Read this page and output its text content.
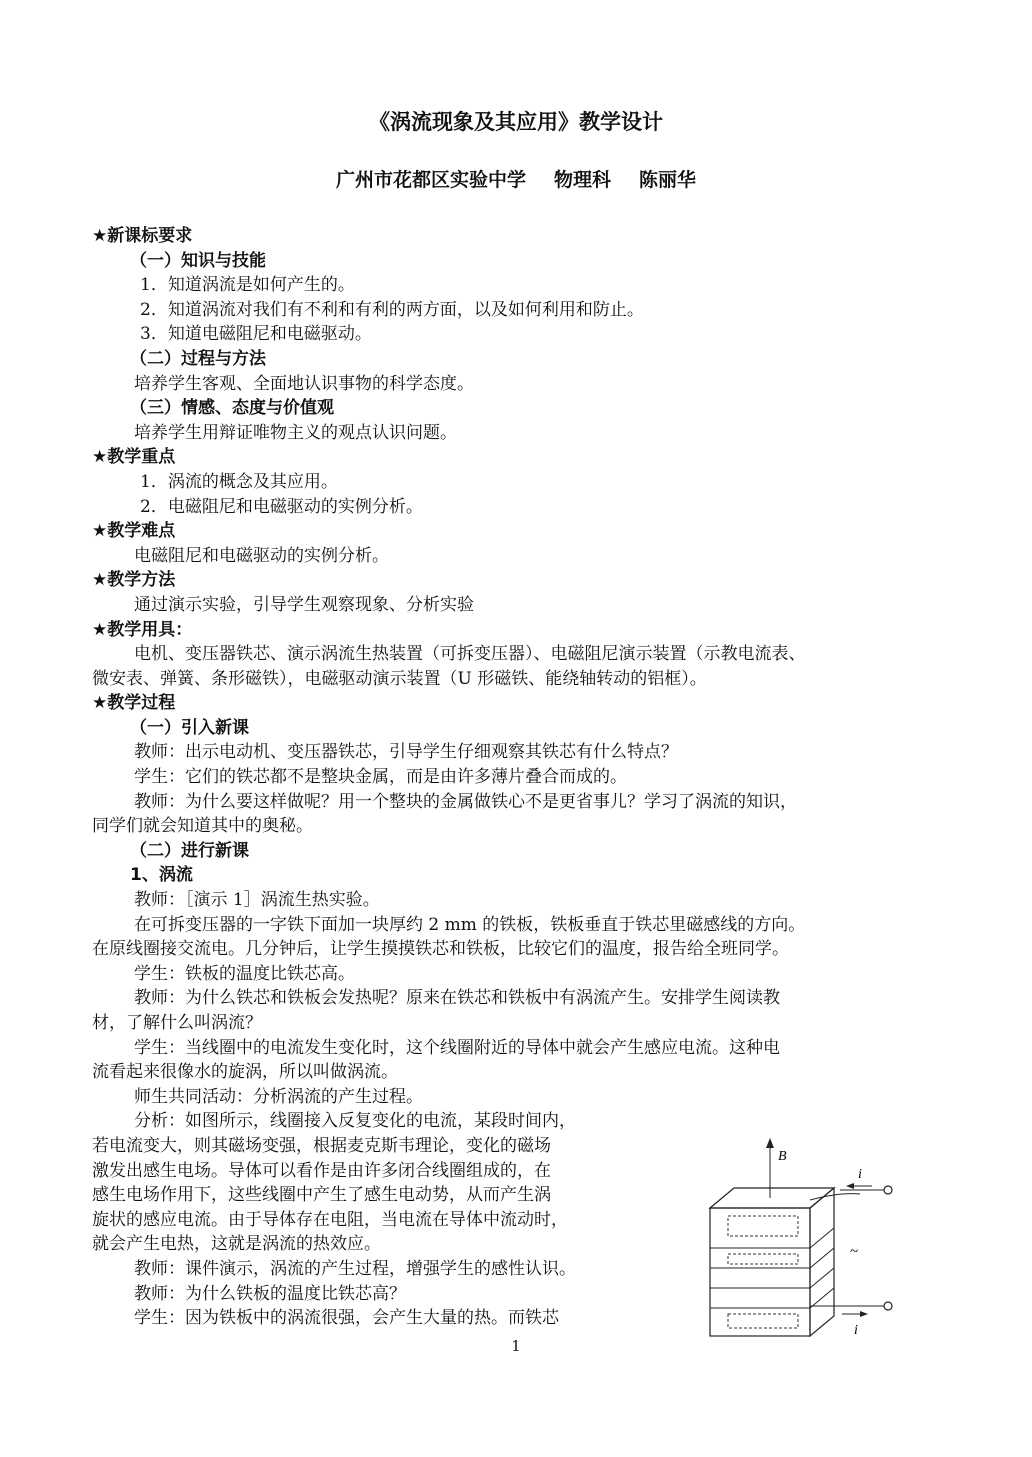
《涡流现象及其应用》教学设计
广州市花都区实验中学 物理科 陈丽华
★新课标要求
（一）知识与技能
1．知道涡流是如何产生的。
2．知道涡流对我们有不利和有利的两方面，以及如何利用和防止。
3．知道电磁阻尼和电磁驱动。
（二）过程与方法
培养学生客观、全面地认识事物的科学态度。
（三）情感、态度与价值观
培养学生用辩证唯物主义的观点认识问题。
★教学重点
1．涡流的概念及其应用。
2．电磁阻尼和电磁驱动的实例分析。
★教学难点
电磁阻尼和电磁驱动的实例分析。
★教学方法
通过演示实验，引导学生观察现象、分析实验
★教学用具：
电机、变压器铁芯、演示涡流生热装置（可拆变压器）、电磁阻尼演示装置（示教电流表、
微安表、弹簧、条形磁铁），电磁驱动演示装置（U 形磁铁、能绕轴转动的铝框）。
★教学过程
（一）引入新课
教师：出示电动机、变压器铁芯，引导学生仔细观察其铁芯有什么特点？
学生：它们的铁芯都不是整块金属，而是由许多薄片叠合而成的。
教师：为什么要这样做呢？用一个整块的金属做铁心不是更省事儿？学习了涡流的知识，
同学们就会知道其中的奥秘。
（二）进行新课
1、涡流
教师：［演示 1］涡流生热实验。
在可拆变压器的一字铁下面加一块厚约 2 mm 的铁板，铁板垂直于铁芯里磁感线的方向。
在原线圈接交流电。几分钟后，让学生摸摸铁芯和铁板，比较它们的温度，报告给全班同学。
学生：铁板的温度比铁芯高。
教师：为什么铁芯和铁板会发热呢？原来在铁芯和铁板中有涡流产生。安排学生阅读教
材，了解什么叫涡流？
学生：当线圈中的电流发生变化时，这个线圈附近的导体中就会产生感应电流。这种电
流看起来很像水的旋涡，所以叫做涡流。
师生共同活动：分析涡流的产生过程。
分析：如图所示，线圈接入反复变化的电流，某段时间内，
若电流变大，则其磁场变强，根据麦克斯韦理论，变化的磁场
激发出感生电场。导体可以看作是由许多闭合线圈组成的，在
感生电场作用下，这些线圈中产生了感生电动势，从而产生涡
旋状的感应电流。由于导体存在电阻，当电流在导体中流动时，
就会产生电热，这就是涡流的热效应。
教师：课件演示，涡流的产生过程，增强学生的感性认识。
教师：为什么铁板的温度比铁芯高？
学生：因为铁板中的涡流很强，会产生大量的热。而铁芯
B
i
i
~
1
